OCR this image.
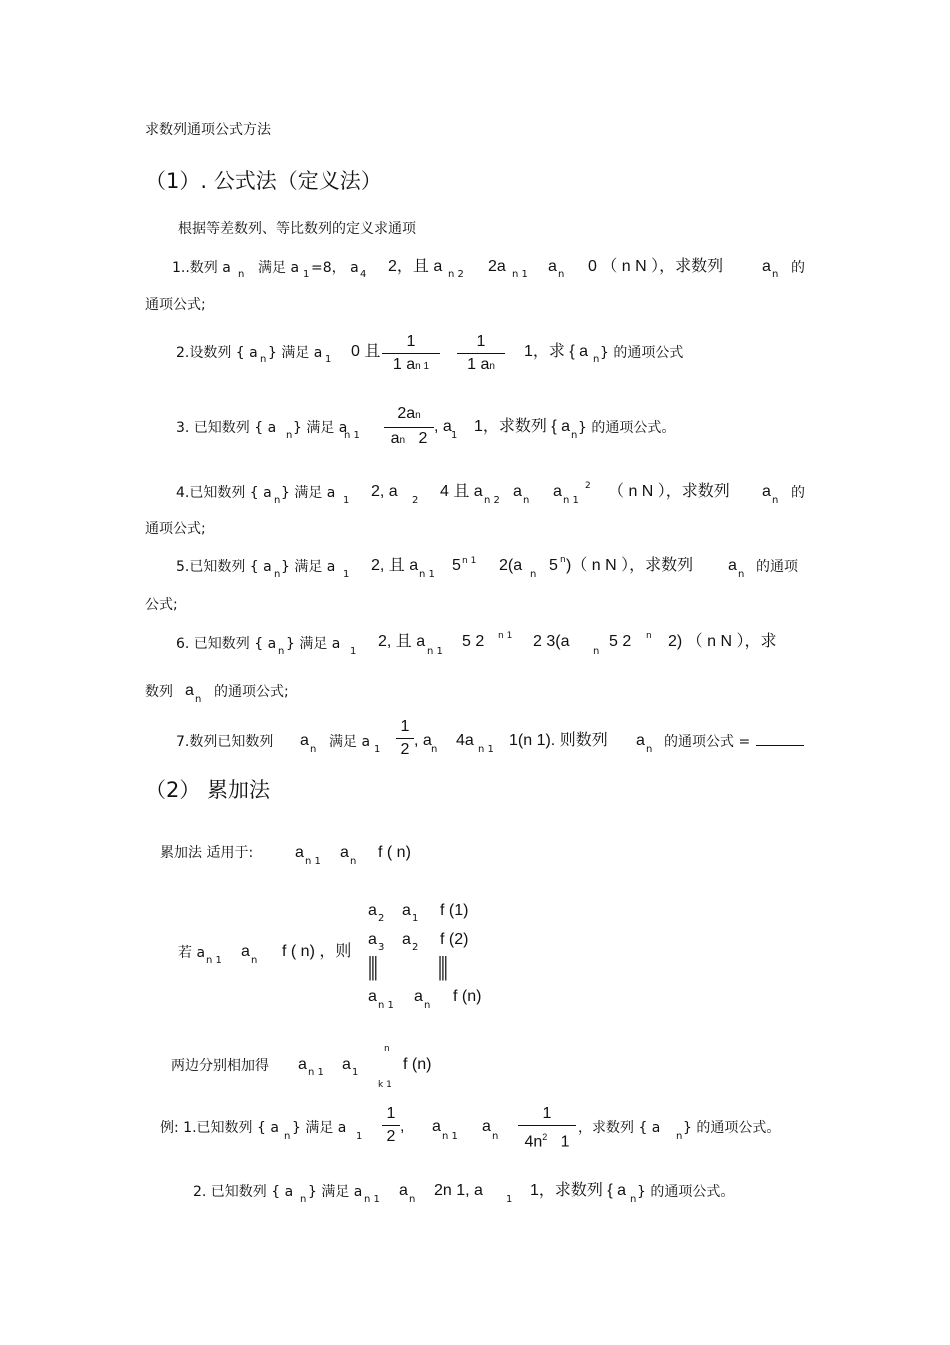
求数列通项公式方法
（1）. 公式法（定义法）
根据等差数列、等比数列的定义求通项
1..数列 a n 满足 a 1 =8， a 4 2，且 a n 2 2a n 1 a n 0 （ n N ），求数列 a n 的
通项公式;
2.设数列 { a n } 满足 a 1 0 且
1
1 an 1
1
1 an
1，求 { a n } 的通项公式
3. 已知数列 { a n } 满足 a
n 1
2an
an 2
, a
1
1，求数列 { a
n } 的通项公式。
4.已知数列 { a n } 满足 a 1
2, a
2
4 且 a
n 2
a
n
a
n 1
2 （ n N ），求数列 a
n 的
通项公式;
5.已知数列 { a n } 满足 a 1
2, 且 a
n 1
5 n 1 2(a
n
5 n )（ n N ），求数列 a
n 的通项
公式;
6. 已知数列 { a n } 满足 a 1
2, 且 a
n 1
5 2 n 1 2 3(a
n
5 2 n 2) （ n N ），求
数列 a
n 的通项公式;
7.数列已知数列 a
n 满足 a 1
1
2
, a
n
4a
n 1
1(n 1). 则数列 a
n 的通项公式 =
（2） 累加法
累加法 适用于:	a
n 1
a
n
f ( n)
若 a n 1
a
n
f ( n) ，则
a 2 a 1 f (1)
a 3 a 2 f (2)
||| |||
a
n 1
a
n
f (n)
两边分别相加得 a n 1 a 1
n
k 1
f (n)
例: 1.已知数列 { a
n
} 满足 a
1
1
2
, a
n 1
a
n
1
$4n^2$ 1
，求数列 { a
n
} 的通项公式。
2. 已知数列 { a n } 满足 a n 1
a
n
2n 1, a
1
1，求数列 { a
n } 的通项公式。
